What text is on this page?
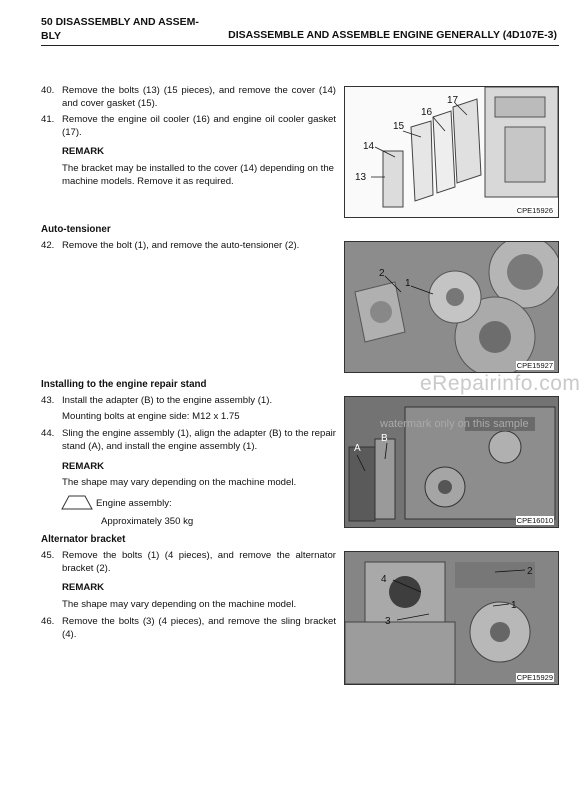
50 DISASSEMBLY AND ASSEM-BLY	DISASSEMBLE AND ASSEMBLE ENGINE GENERALLY (4D107E-3)
40. Remove the bolts (13) (15 pieces), and remove the cover (14) and cover gasket (15).
41. Remove the engine oil cooler (16) and engine oil cooler gasket (17).
REMARK
The bracket may be installed to the cover (14) depending on the machine models. Remove it as required.
Auto-tensioner
42. Remove the bolt (1), and remove the auto-tensioner (2).
Installing to the engine repair stand
43. Install the adapter (B) to the engine assembly (1).
Mounting bolts at engine side: M12 x 1.75
44. Sling the engine assembly (1), align the adapter (B) to the repair stand (A), and install the engine assembly (1).
REMARK
The shape may vary depending on the machine model.
Engine assembly:
Approximately 350 kg
Alternator bracket
45. Remove the bolts (1) (4 pieces), and remove the alternator bracket (2).
REMARK
The shape may vary depending on the machine model.
46. Remove the bolts (3) (4 pieces), and remove the sling bracket (4).
13
14
15
16
17
CPE15926
1
2
CPE15927
A
B
CPE16010
1
2
3
4
CPE15929
eRepairinfo.com
watermark only on this sample
